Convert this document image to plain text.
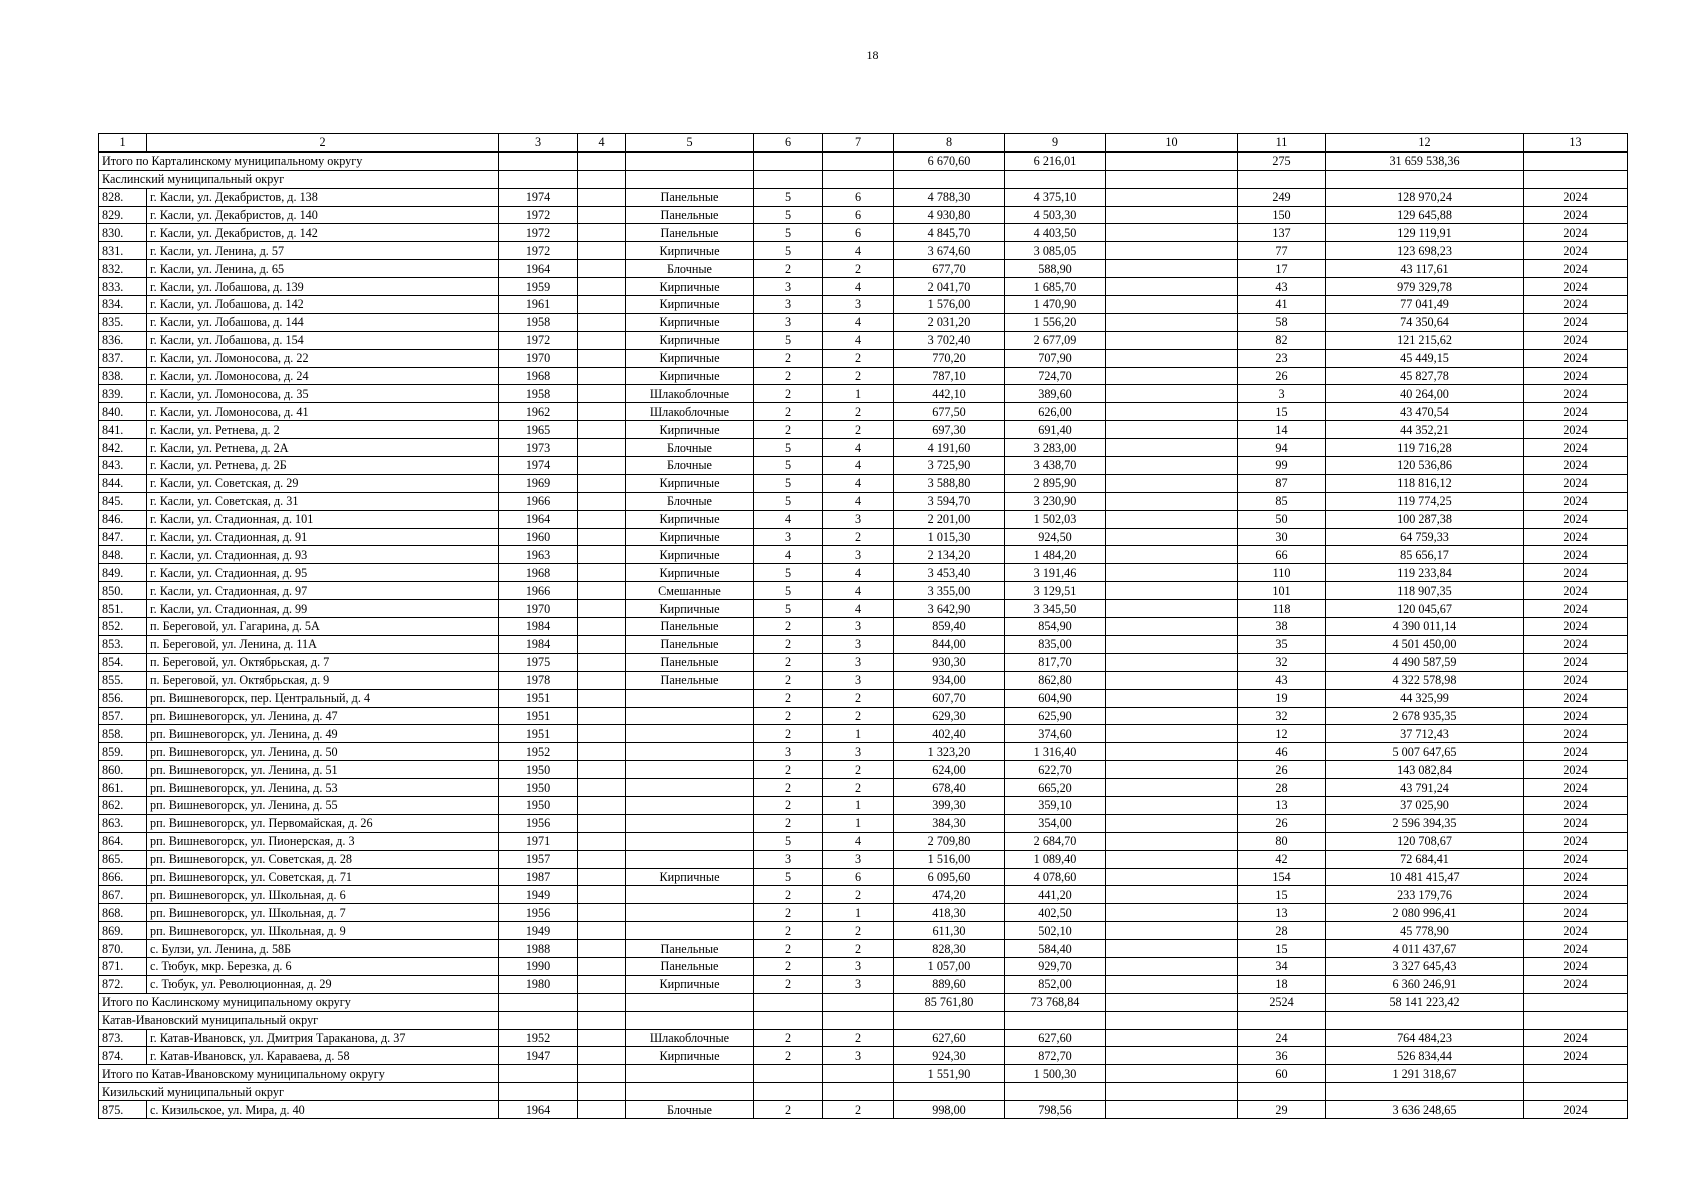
18
1	2	3	4	5	6	7	8	9	10	11	12	13
Итого по Карталинскому муниципальному округу							6 670,60	6 216,01		275	31 659 538,36	
Каслинский муниципальный округ												
828.	г. Касли, ул. Декабристов, д. 138	1974		Панельные	5	6	4 788,30	4 375,10		249	128 970,24	2024
829.	г. Касли, ул. Декабристов, д. 140	1972		Панельные	5	6	4 930,80	4 503,30		150	129 645,88	2024
830.	г. Касли, ул. Декабристов, д. 142	1972		Панельные	5	6	4 845,70	4 403,50		137	129 119,91	2024
831.	г. Касли, ул. Ленина, д. 57	1972		Кирпичные	5	4	3 674,60	3 085,05		77	123 698,23	2024
832.	г. Касли, ул. Ленина, д. 65	1964		Блочные	2	2	677,70	588,90		17	43 117,61	2024
833.	г. Касли, ул. Лобашова, д. 139	1959		Кирпичные	3	4	2 041,70	1 685,70		43	979 329,78	2024
834.	г. Касли, ул. Лобашова, д. 142	1961		Кирпичные	3	3	1 576,00	1 470,90		41	77 041,49	2024
835.	г. Касли, ул. Лобашова, д. 144	1958		Кирпичные	3	4	2 031,20	1 556,20		58	74 350,64	2024
836.	г. Касли, ул. Лобашова, д. 154	1972		Кирпичные	5	4	3 702,40	2 677,09		82	121 215,62	2024
837.	г. Касли, ул. Ломоносова, д. 22	1970		Кирпичные	2	2	770,20	707,90		23	45 449,15	2024
838.	г. Касли, ул. Ломоносова, д. 24	1968		Кирпичные	2	2	787,10	724,70		26	45 827,78	2024
839.	г. Касли, ул. Ломоносова, д. 35	1958		Шлакоблочные	2	1	442,10	389,60		3	40 264,00	2024
840.	г. Касли, ул. Ломоносова, д. 41	1962		Шлакоблочные	2	2	677,50	626,00		15	43 470,54	2024
841.	г. Касли, ул. Ретнева, д. 2	1965		Кирпичные	2	2	697,30	691,40		14	44 352,21	2024
842.	г. Касли, ул. Ретнева, д. 2А	1973		Блочные	5	4	4 191,60	3 283,00		94	119 716,28	2024
843.	г. Касли, ул. Ретнева, д. 2Б	1974		Блочные	5	4	3 725,90	3 438,70		99	120 536,86	2024
844.	г. Касли, ул. Советская, д. 29	1969		Кирпичные	5	4	3 588,80	2 895,90		87	118 816,12	2024
845.	г. Касли, ул. Советская, д. 31	1966		Блочные	5	4	3 594,70	3 230,90		85	119 774,25	2024
846.	г. Касли, ул. Стадионная, д. 101	1964		Кирпичные	4	3	2 201,00	1 502,03		50	100 287,38	2024
847.	г. Касли, ул. Стадионная, д. 91	1960		Кирпичные	3	2	1 015,30	924,50		30	64 759,33	2024
848.	г. Касли, ул. Стадионная, д. 93	1963		Кирпичные	4	3	2 134,20	1 484,20		66	85 656,17	2024
849.	г. Касли, ул. Стадионная, д. 95	1968		Кирпичные	5	4	3 453,40	3 191,46		110	119 233,84	2024
850.	г. Касли, ул. Стадионная, д. 97	1966		Смешанные	5	4	3 355,00	3 129,51		101	118 907,35	2024
851.	г. Касли, ул. Стадионная, д. 99	1970		Кирпичные	5	4	3 642,90	3 345,50		118	120 045,67	2024
852.	п. Береговой, ул. Гагарина, д. 5А	1984		Панельные	2	3	859,40	854,90		38	4 390 011,14	2024
853.	п. Береговой, ул. Ленина, д. 11А	1984		Панельные	2	3	844,00	835,00		35	4 501 450,00	2024
854.	п. Береговой, ул. Октябрьская, д. 7	1975		Панельные	2	3	930,30	817,70		32	4 490 587,59	2024
855.	п. Береговой, ул. Октябрьская, д. 9	1978		Панельные	2	3	934,00	862,80		43	4 322 578,98	2024
856.	рп. Вишневогорск, пер. Центральный, д. 4	1951			2	2	607,70	604,90		19	44 325,99	2024
857.	рп. Вишневогорск, ул. Ленина, д. 47	1951			2	2	629,30	625,90		32	2 678 935,35	2024
858.	рп. Вишневогорск, ул. Ленина, д. 49	1951			2	1	402,40	374,60		12	37 712,43	2024
859.	рп. Вишневогорск, ул. Ленина, д. 50	1952			3	3	1 323,20	1 316,40		46	5 007 647,65	2024
860.	рп. Вишневогорск, ул. Ленина, д. 51	1950			2	2	624,00	622,70		26	143 082,84	2024
861.	рп. Вишневогорск, ул. Ленина, д. 53	1950			2	2	678,40	665,20		28	43 791,24	2024
862.	рп. Вишневогорск, ул. Ленина, д. 55	1950			2	1	399,30	359,10		13	37 025,90	2024
863.	рп. Вишневогорск, ул. Первомайская, д. 26	1956			2	1	384,30	354,00		26	2 596 394,35	2024
864.	рп. Вишневогорск, ул. Пионерская, д. 3	1971			5	4	2 709,80	2 684,70		80	120 708,67	2024
865.	рп. Вишневогорск, ул. Советская, д. 28	1957			3	3	1 516,00	1 089,40		42	72 684,41	2024
866.	рп. Вишневогорск, ул. Советская, д. 71	1987		Кирпичные	5	6	6 095,60	4 078,60		154	10 481 415,47	2024
867.	рп. Вишневогорск, ул. Школьная, д. 6	1949			2	2	474,20	441,20		15	233 179,76	2024
868.	рп. Вишневогорск, ул. Школьная, д. 7	1956			2	1	418,30	402,50		13	2 080 996,41	2024
869.	рп. Вишневогорск, ул. Школьная, д. 9	1949			2	2	611,30	502,10		28	45 778,90	2024
870.	с. Булзи, ул. Ленина, д. 58Б	1988		Панельные	2	2	828,30	584,40		15	4 011 437,67	2024
871.	с. Тюбук, мкр. Березка, д. 6	1990		Панельные	2	3	1 057,00	929,70		34	3 327 645,43	2024
872.	с. Тюбук, ул. Революционная, д. 29	1980		Кирпичные	2	3	889,60	852,00		18	6 360 246,91	2024
Итого по Каслинскому муниципальному округу							85 761,80	73 768,84		2524	58 141 223,42	
Катав-Ивановский муниципальный округ												
873.	г. Катав-Ивановск, ул. Дмитрия Тараканова, д. 37	1952		Шлакоблочные	2	2	627,60	627,60		24	764 484,23	2024
874.	г. Катав-Ивановск, ул. Караваева, д. 58	1947		Кирпичные	2	3	924,30	872,70		36	526 834,44	2024
Итого по Катав-Ивановскому муниципальному округу							1 551,90	1 500,30		60	1 291 318,67	
Кизильский муниципальный округ												
875.	с. Кизильское, ул. Мира, д. 40	1964		Блочные	2	2	998,00	798,56		29	3 636 248,65	2024
